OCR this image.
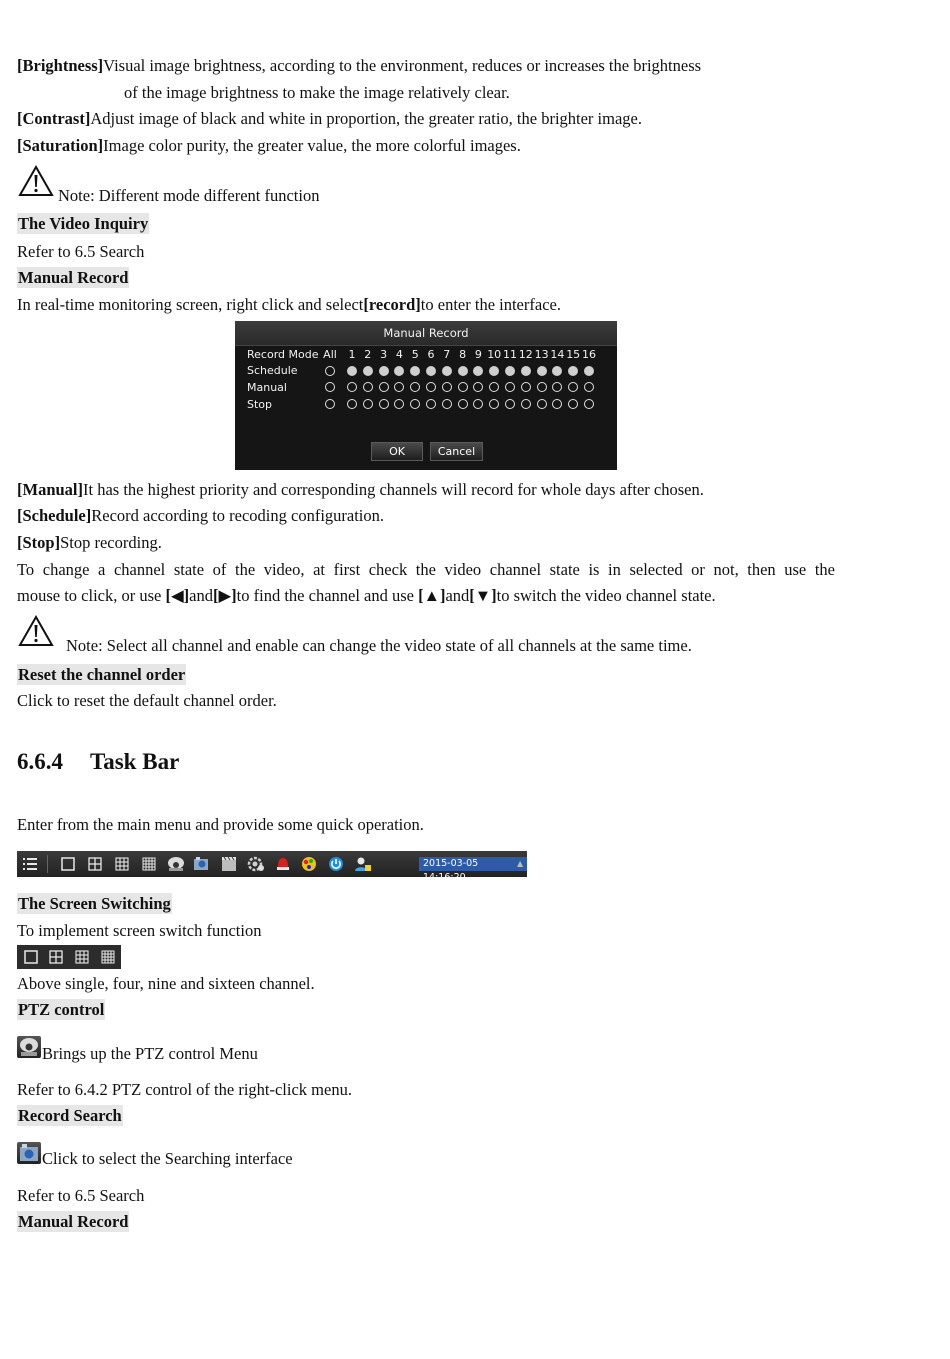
[Brightness]Visual image brightness, according to the environment, reduces or increases the brightness
of the image brightness to make the image relatively clear.
[Contrast]Adjust image of black and white in proportion, the greater ratio, the brighter image.
[Saturation]Image color purity, the greater value, the more colorful images.
Note: Different mode different function
The Video Inquiry
Refer to 6.5 Search
Manual Record
In real-time monitoring screen, right click and select[record]to enter the interface.
Manual Record
Record Mode All	1 2 3 4 5 6 7 8 9 10 11 12 13 14 15 16
Schedule
Manual
Stop
OK	Cancel
[Manual]It has the highest priority and corresponding channels will record for whole days after chosen.
[Schedule]Record according to recoding configuration.
[Stop]Stop recording.
To change a channel state of the video, at first check the video channel state is in selected or not, then use the
mouse to click, or use [◀]and[▶]to find the channel and use [▲]and[▼]to switch the video channel state.
Note: Select all channel and enable can change the video state of all channels at the same time.
Reset the channel order
Click to reset the default channel order.
6.6.4 Task Bar
Enter from the main menu and provide some quick operation.
2015-03-05 14:16:20
▲
The Screen Switching
To implement screen switch function
Above single, four, nine and sixteen channel.
PTZ control
Brings up the PTZ control Menu
Refer to 6.4.2 PTZ control of the right-click menu.
Record Search
Click to select the Searching interface
Refer to 6.5 Search
Manual Record
